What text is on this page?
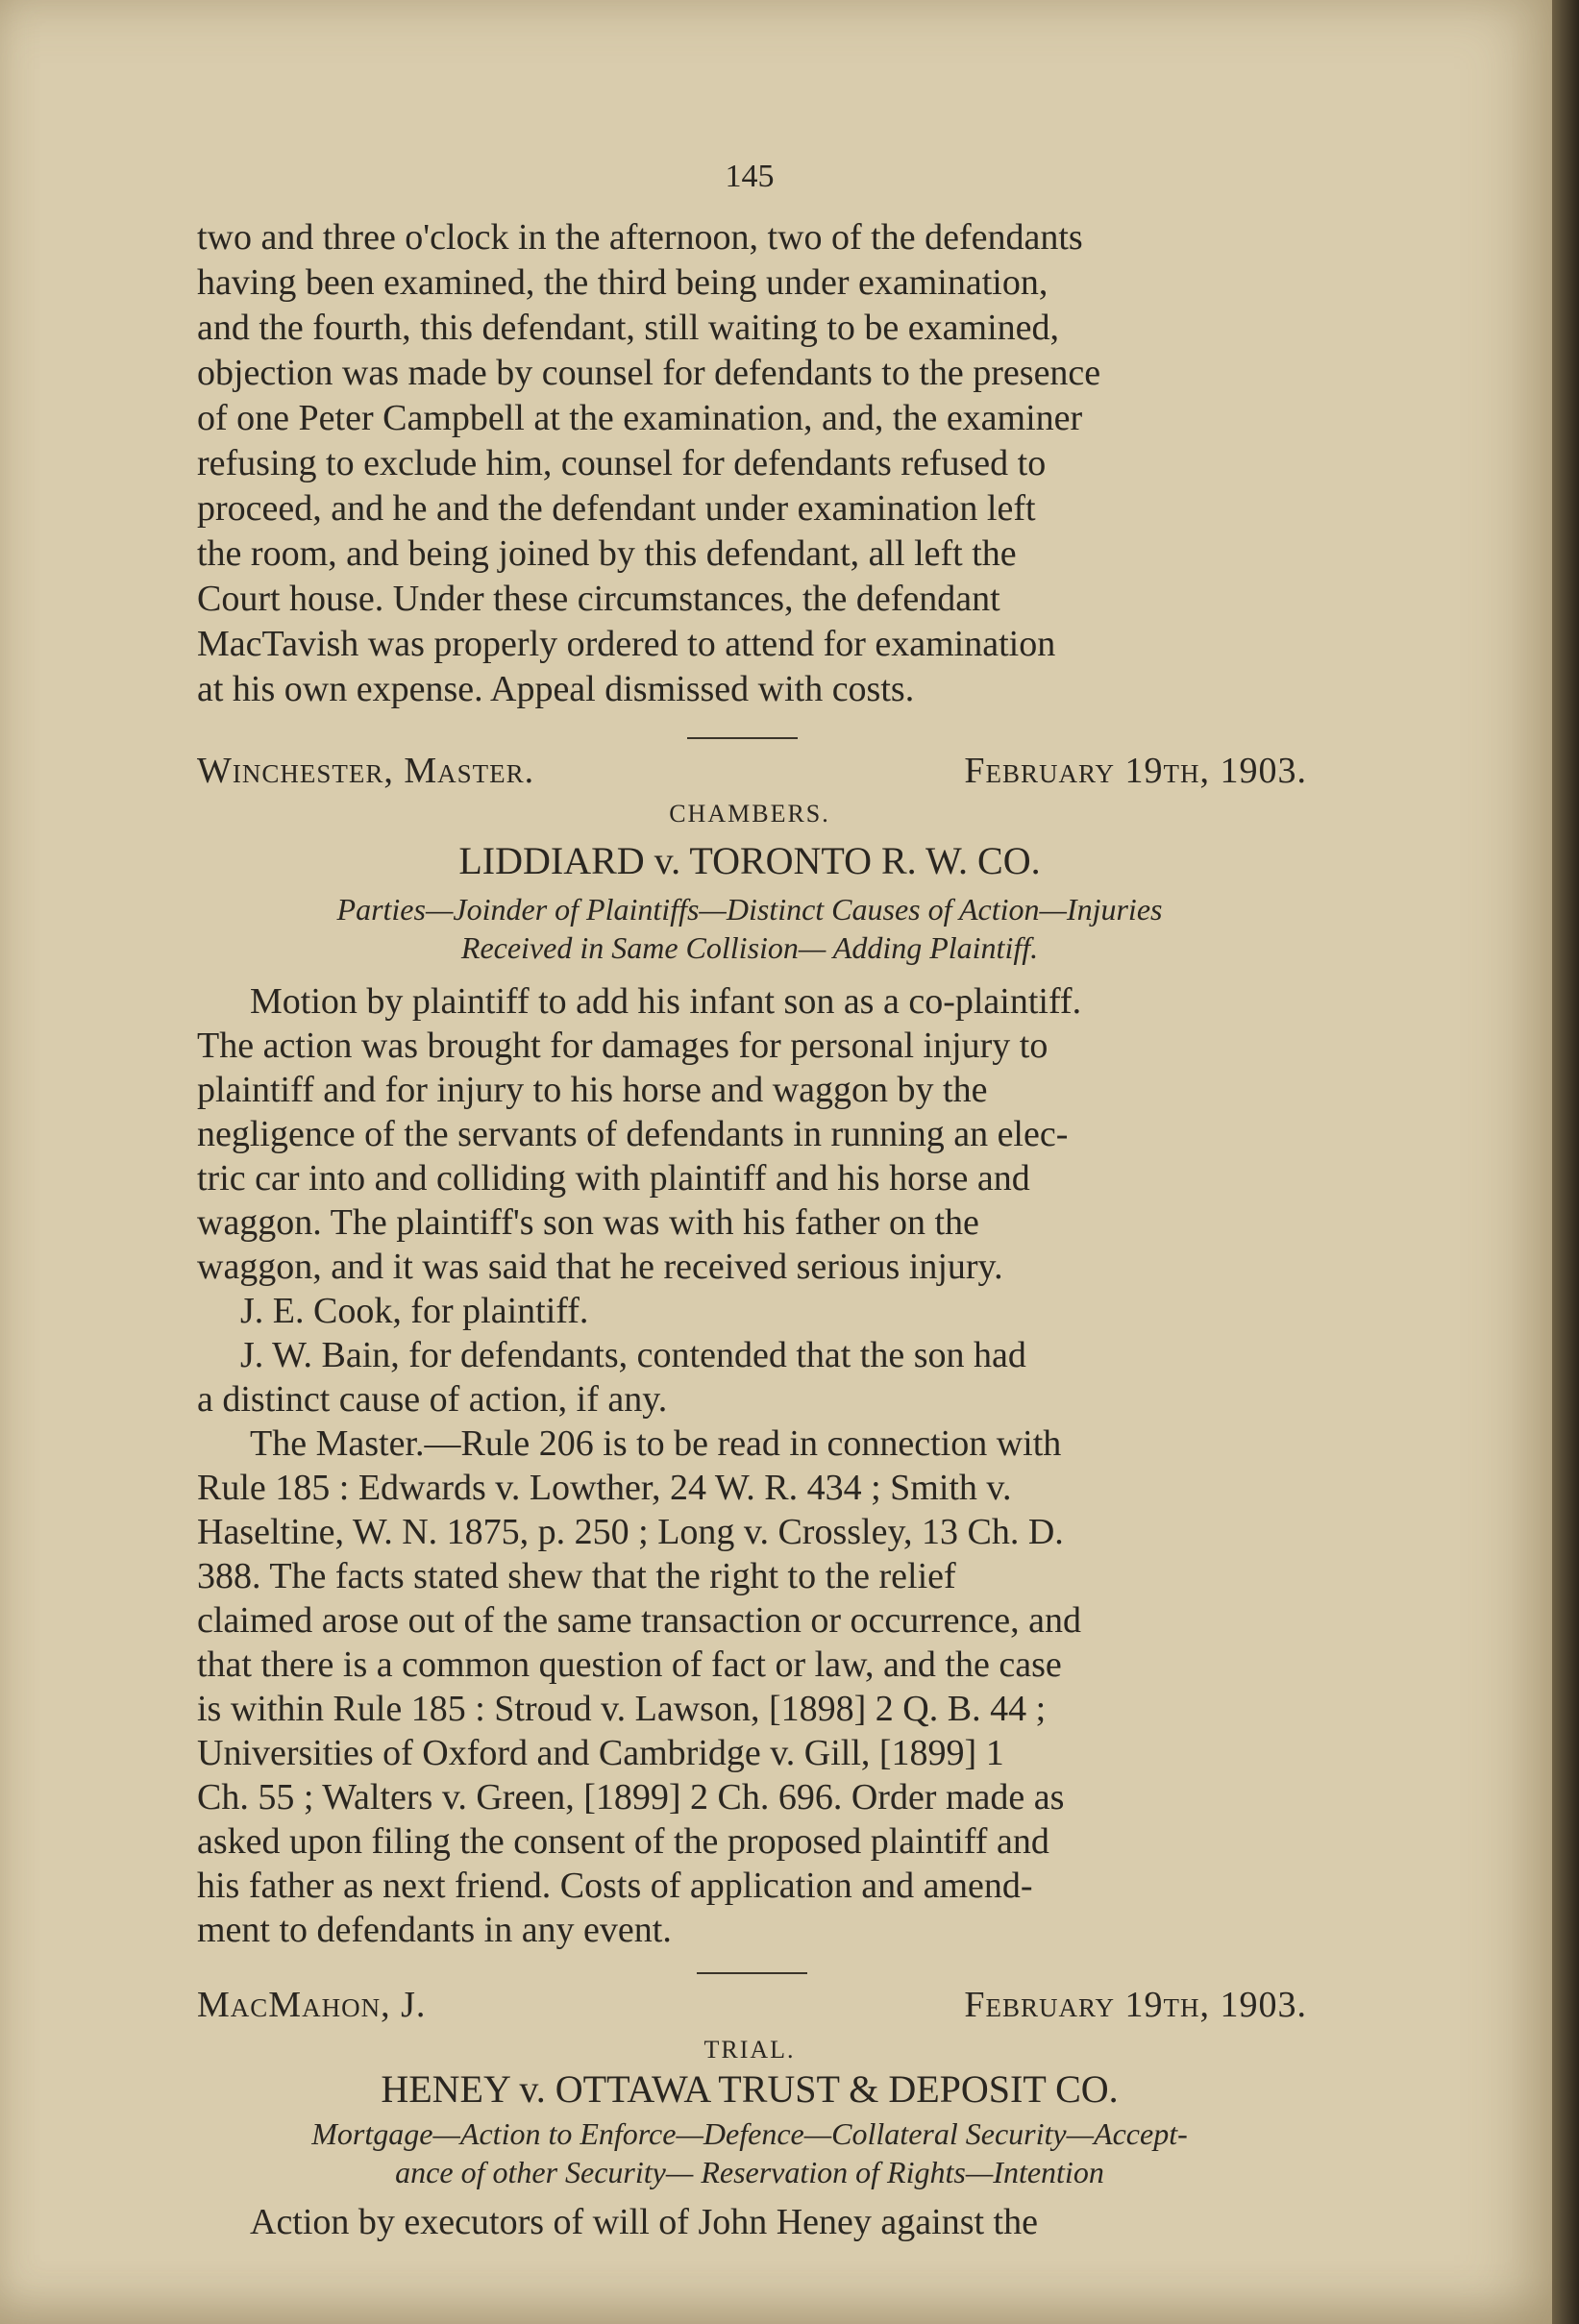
145
two and three o'clock in the afternoon, two of the defendants
having been examined, the third being under examination,
and the fourth, this defendant, still waiting to be examined,
objection was made by counsel for defendants to the presence
of one Peter Campbell at the examination, and, the examiner
refusing to exclude him, counsel for defendants refused to
proceed, and he and the defendant under examination left
the room, and being joined by this defendant, all left the
Court house. Under these circumstances, the defendant
MacTavish was properly ordered to attend for examination
at his own expense. Appeal dismissed with costs.
Winchester, Master.	February 19th, 1903.
CHAMBERS.
LIDDIARD v. TORONTO R. W. CO.
Parties—Joinder of Plaintiffs—Distinct Causes of Action—Injuries
Received in Same Collision— Adding Plaintiff.
Motion by plaintiff to add his infant son as a co-plaintiff.
The action was brought for damages for personal injury to
plaintiff and for injury to his horse and waggon by the
negligence of the servants of defendants in running an elec-
tric car into and colliding with plaintiff and his horse and
waggon. The plaintiff's son was with his father on the
waggon, and it was said that he received serious injury.
J. E. Cook, for plaintiff.
J. W. Bain, for defendants, contended that the son had
a distinct cause of action, if any.
The Master.—Rule 206 is to be read in connection with
Rule 185 : Edwards v. Lowther, 24 W. R. 434 ; Smith v.
Haseltine, W. N. 1875, p. 250 ; Long v. Crossley, 13 Ch. D.
388. The facts stated shew that the right to the relief
claimed arose out of the same transaction or occurrence, and
that there is a common question of fact or law, and the case
is within Rule 185 : Stroud v. Lawson, [1898] 2 Q. B. 44 ;
Universities of Oxford and Cambridge v. Gill, [1899] 1
Ch. 55 ; Walters v. Green, [1899] 2 Ch. 696. Order made as
asked upon filing the consent of the proposed plaintiff and
his father as next friend. Costs of application and amend-
ment to defendants in any event.
MacMahon, J.	February 19th, 1903.
TRIAL.
HENEY v. OTTAWA TRUST & DEPOSIT CO.
Mortgage—Action to Enforce—Defence—Collateral Security—Accept-
ance of other Security— Reservation of Rights—Intention
Action by executors of will of John Heney against the
